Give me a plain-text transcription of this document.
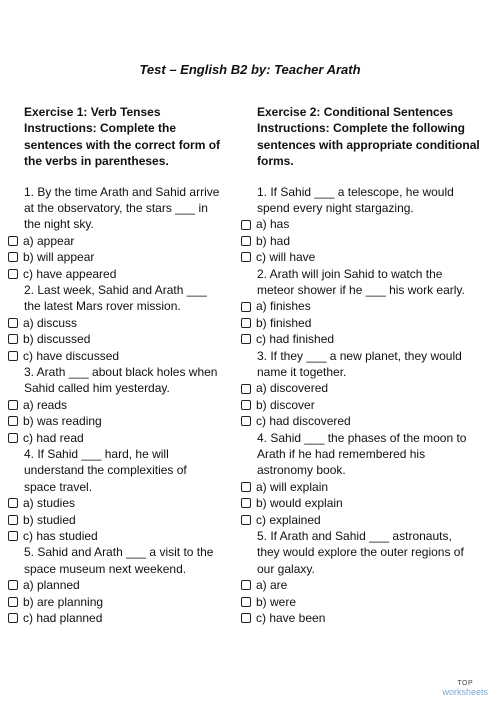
Test – English B2 by: Teacher Arath
Exercise 1: Verb Tenses
Instructions: Complete the
sentences with the correct form of
the verbs in parentheses.
1. By the time Arath and Sahid arrive
at the observatory, the stars ___ in
the night sky.
a) appear
b) will appear
c) have appeared
2. Last week, Sahid and Arath ___
the latest Mars rover mission.
a) discuss
b) discussed
c) have discussed
3. Arath ___ about black holes when
Sahid called him yesterday.
a) reads
b) was reading
c) had read
4. If Sahid ___ hard, he will
understand the complexities of
space travel.
a) studies
b) studied
c) has studied
5. Sahid and Arath ___ a visit to the
space museum next weekend.
a) planned
b) are planning
c) had planned
Exercise 2: Conditional Sentences
Instructions: Complete the following
sentences with appropriate conditional
forms.
1. If Sahid ___ a telescope, he would
spend every night stargazing.
a) has
b) had
c) will have
2. Arath will join Sahid to watch the
meteor shower if he ___ his work early.
a) finishes
b) finished
c) had finished
3. If they ___ a new planet, they would
name it together.
a) discovered
b) discover
c) had discovered
4. Sahid ___ the phases of the moon to
Arath if he had remembered his
astronomy book.
a) will explain
b) would explain
c) explained
5. If Arath and Sahid ___ astronauts,
they would explore the outer regions of
our galaxy.
a) are
b) were
c) have been
TOP
worksheets
